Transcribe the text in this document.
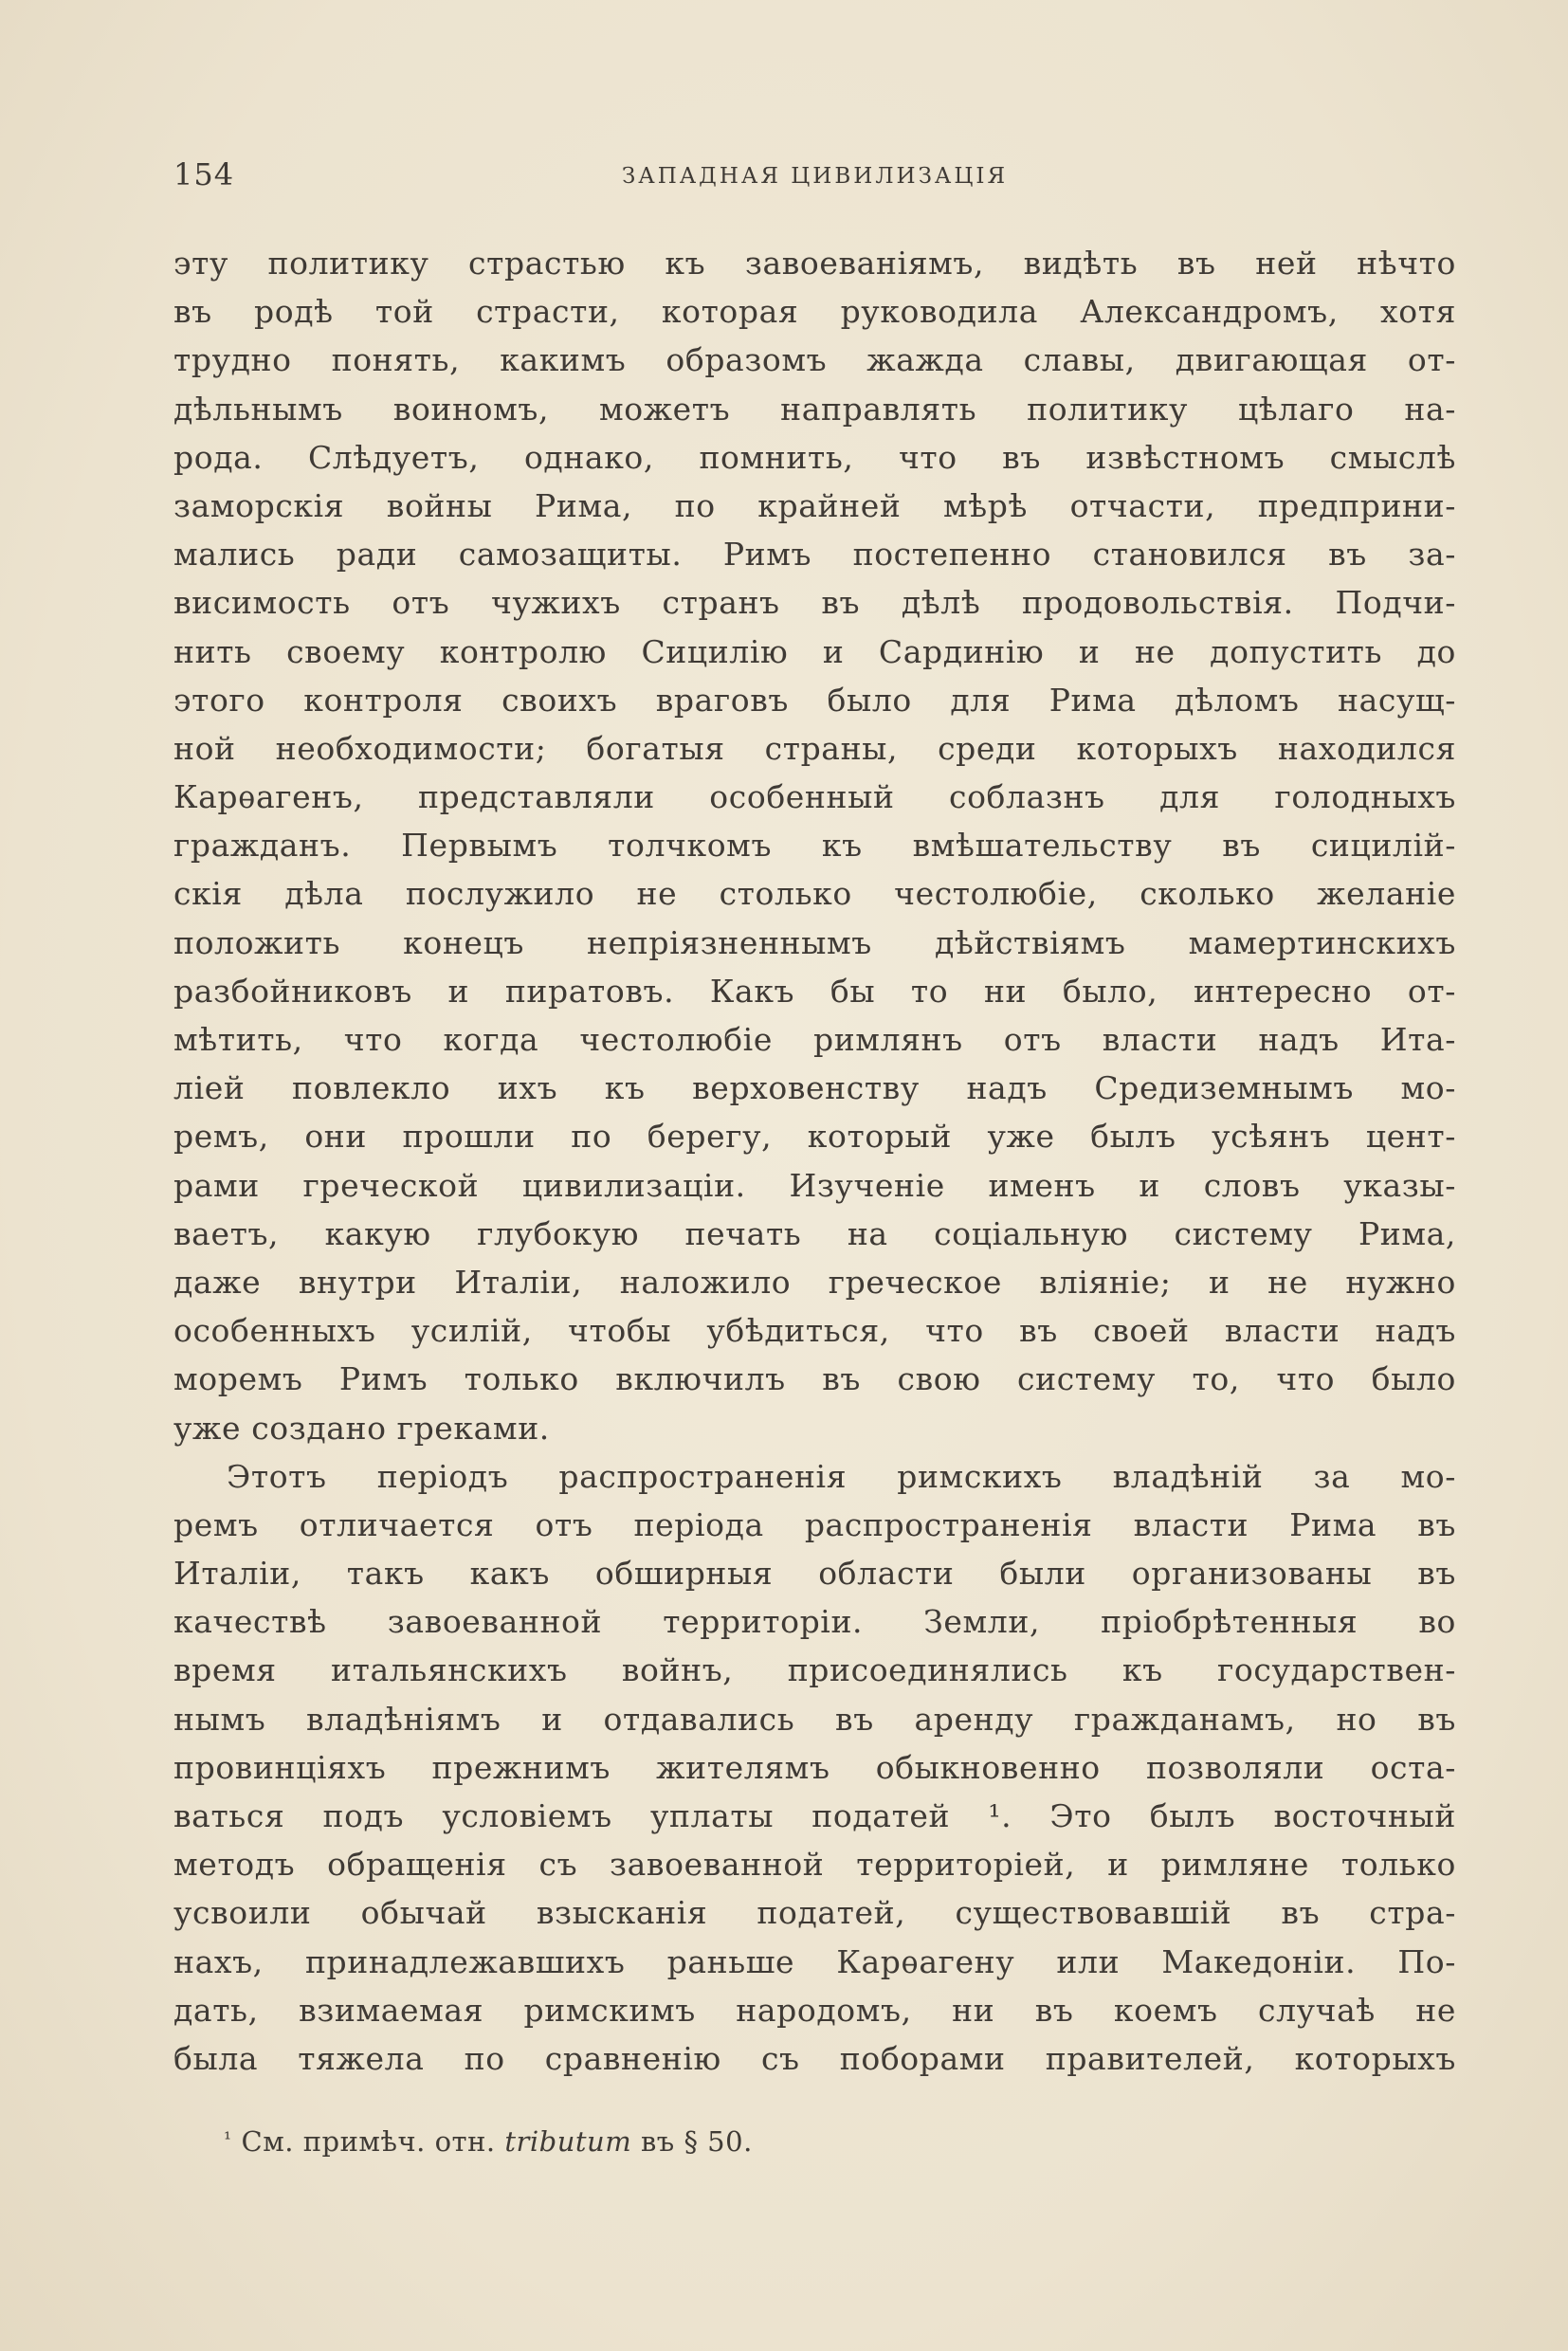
154	ЗАПАДНАЯ ЦИВИЛИЗАЦІЯ
эту политику страстью къ завоеваніямъ, видѣть въ ней нѣчто
въ родѣ той страсти, которая руководила Александромъ, хотя
трудно понять, какимъ образомъ жажда славы, двигающая от-
дѣльнымъ воиномъ, можетъ направлять политику цѣлаго на-
рода. Слѣдуетъ, однако, помнить, что въ извѣстномъ смыслѣ
заморскія войны Рима, по крайней мѣрѣ отчасти, предприни-
мались ради самозащиты. Римъ постепенно становился въ за-
висимость отъ чужихъ странъ въ дѣлѣ продовольствія. Подчи-
нить своему контролю Сицилію и Сардинію и не допустить до
этого контроля своихъ враговъ было для Рима дѣломъ насущ-
ной необходимости; богатыя страны, среди которыхъ находился
Карѳагенъ, представляли особенный соблазнъ для голодныхъ
гражданъ. Первымъ толчкомъ къ вмѣшательству въ сицилій-
скія дѣла послужило не столько честолюбіе, сколько желаніе
положить конецъ непріязненнымъ дѣйствіямъ мамертинскихъ
разбойниковъ и пиратовъ. Какъ бы то ни было, интересно от-
мѣтить, что когда честолюбіе римлянъ отъ власти надъ Ита-
ліей повлекло ихъ къ верховенству надъ Средиземнымъ мо-
ремъ, они прошли по берегу, который уже былъ усѣянъ цент-
рами греческой цивилизаціи. Изученіе именъ и словъ указы-
ваетъ, какую глубокую печать на соціальную систему Рима,
даже внутри Италіи, наложило греческое вліяніе; и не нужно
особенныхъ усилій, чтобы убѣдиться, что въ своей власти надъ
моремъ Римъ только включилъ въ свою систему то, что было
уже создано греками.
Этотъ періодъ распространенія римскихъ владѣній за мо-
ремъ отличается отъ періода распространенія власти Рима въ
Италіи, такъ какъ обширныя области были организованы въ
качествѣ завоеванной территоріи. Земли, пріобрѣтенныя во
время итальянскихъ войнъ, присоединялись къ государствен-
нымъ владѣніямъ и отдавались въ аренду гражданамъ, но въ
провинціяхъ прежнимъ жителямъ обыкновенно позволяли оста-
ваться подъ условіемъ уплаты податей ¹. Это былъ восточный
методъ обращенія съ завоеванной территоріей, и римляне только
усвоили обычай взысканія податей, существовавшій въ стра-
нахъ, принадлежавшихъ раньше Карѳагену или Македоніи. По-
дать, взимаемая римскимъ народомъ, ни въ коемъ случаѣ не
была тяжела по сравненію съ поборами правителей, которыхъ
$^{^1}$ См. примѣч. отн. tributum въ § 50.
